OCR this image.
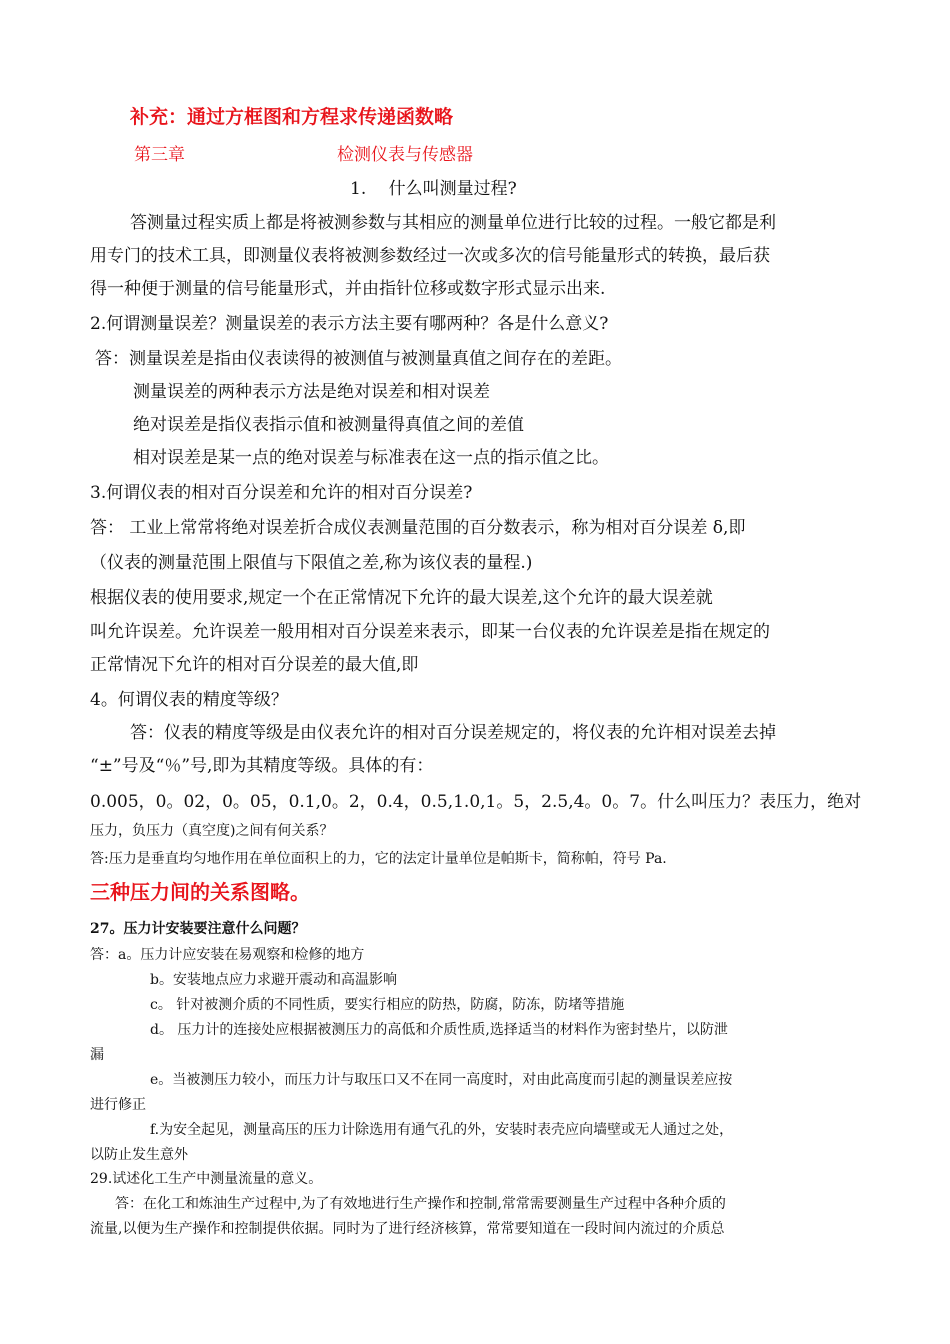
补充：通过方框图和方程求传递函数略

第三章	检测仪表与传感器

1.　 什么叫测量过程?

答测量过程实质上都是将被测参数与其相应的测量单位进行比较的过程。一般它都是利

用专门的技术工具，即测量仪表将被测参数经过一次或多次的信号能量形式的转换，最后获

得一种便于测量的信号能量形式，并由指针位移或数字形式显示出来.

2.何谓测量误差？测量误差的表示方法主要有哪两种？各是什么意义?

答：测量误差是指由仪表读得的被测值与被测量真值之间存在的差距。

测量误差的两种表示方法是绝对误差和相对误差

绝对误差是指仪表指示值和被测量得真值之间的差值

相对误差是某一点的绝对误差与标准表在这一点的指示值之比。

3.何谓仪表的相对百分误差和允许的相对百分误差?

答： 工业上常常将绝对误差折合成仪表测量范围的百分数表示，称为相对百分误差 δ,即

（仪表的测量范围上限值与下限值之差,称为该仪表的量程.)

根据仪表的使用要求,规定一个在正常情况下允许的最大误差,这个允许的最大误差就

叫允许误差。允许误差一般用相对百分误差来表示，即某一台仪表的允许误差是指在规定的

正常情况下允许的相对百分误差的最大值,即

4。何谓仪表的精度等级？

答：仪表的精度等级是由仪表允许的相对百分误差规定的，将仪表的允许相对误差去掉

“±”号及“％”号,即为其精度等级。具体的有：

0.005，0。02，0。05，0.1,0。2，0.4，0.5,1.0,1。5，2.5,4。0。7。什么叫压力？表压力，绝对

压力，负压力（真空度)之间有何关系？

答:压力是垂直均匀地作用在单位面积上的力，它的法定计量单位是帕斯卡，简称帕，符号 Pa.

三种压力间的关系图略。

27。压力计安装要注意什么问题？

答：a。压力计应安装在易观察和检修的地方

b。安装地点应力求避开震动和高温影响

c。 针对被测介质的不同性质，要实行相应的防热，防腐，防冻，防堵等措施

d。 压力计的连接处应根据被测压力的高低和介质性质,选择适当的材料作为密封垫片，以防泄

漏

e。当被测压力较小，而压力计与取压口又不在同一高度时，对由此高度而引起的测量误差应按

进行修正

f.为安全起见，测量高压的压力计除选用有通气孔的外，安装时表壳应向墙壁或无人通过之处，

以防止发生意外

29.试述化工生产中测量流量的意义。

答：在化工和炼油生产过程中,为了有效地进行生产操作和控制,常常需要测量生产过程中各种介质的

流量,以便为生产操作和控制提供依据。同时为了进行经济核算，常常要知道在一段时间内流过的介质总
